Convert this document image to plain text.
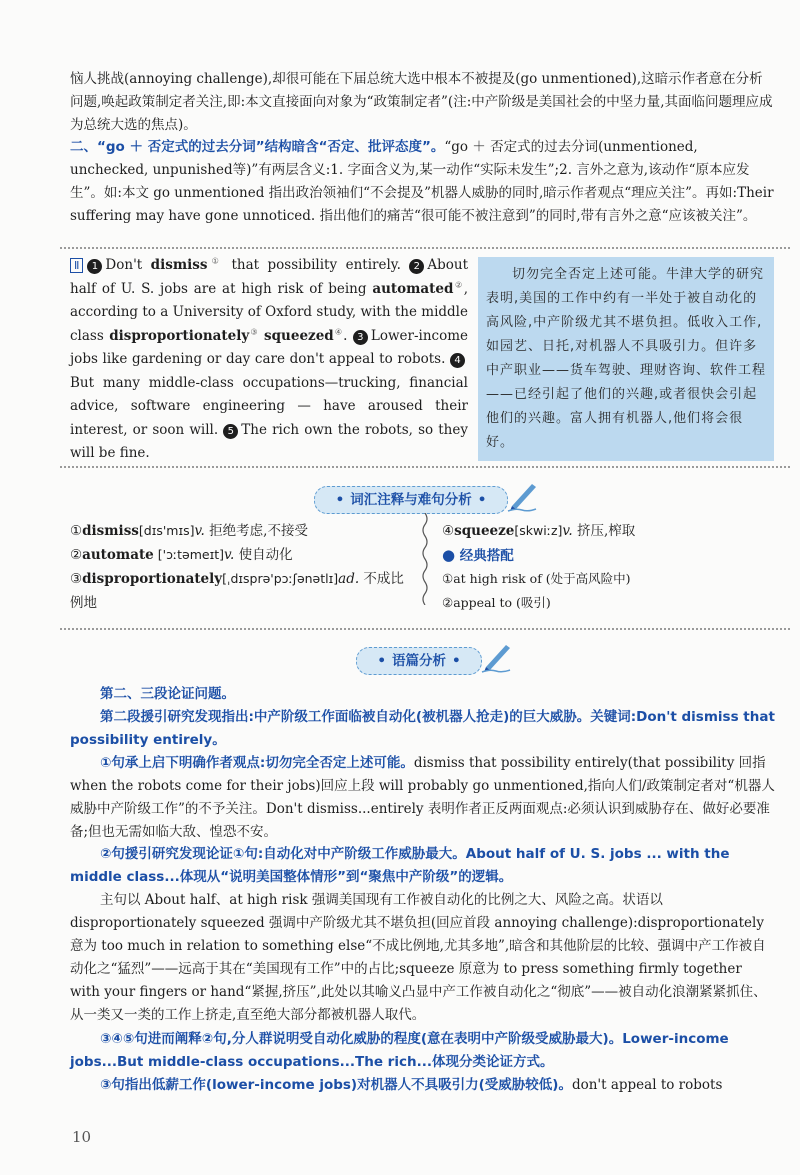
恼人挑战(annoying challenge),却很可能在下届总统大选中根本不被提及(go unmentioned),这暗示作者意在分析问题,唤起政策制定者关注,即:本文直接面向对象为“政策制定者”(注:中产阶级是美国社会的中坚力量,其面临问题理应成为总统大选的焦点)。
二、“go ＋ 否定式的过去分词”结构暗含“否定、批评态度”。“go ＋ 否定式的过去分词(unmentioned, unchecked, unpunished等)”有两层含义:1. 字面含义为,某一动作“实际未发生”;2. 言外之意为,该动作“原本应发生”。如:本文 go unmentioned 指出政治领袖们“不会提及”机器人威胁的同时,暗示作者观点“理应关注”。再如:Their suffering may have gone unnoticed. 指出他们的痛苦“很可能不被注意到”的同时,带有言外之意“应该被关注”。
Ⅱ 1 Don't dismiss① that possibility entirely. 2 About half of U. S. jobs are at high risk of being automated②, according to a University of Oxford study, with the middle class disproportionately③ squeezed④. 3 Lower-income jobs like gardening or day care don't appeal to robots. 4But many middle-class occupations—trucking, financial advice, software engineering — have aroused their interest, or soon will. 5 The rich own the robots, so they will be fine.
切勿完全否定上述可能。牛津大学的研究表明,美国的工作中约有一半处于被自动化的高风险,中产阶级尤其不堪负担。低收入工作,如园艺、日托,对机器人不具吸引力。但许多中产职业——货车驾驶、理财咨询、软件工程——已经引起了他们的兴趣,或者很快会引起他们的兴趣。富人拥有机器人,他们将会很好。
• 词汇注释与难句分析 •
①dismiss[dɪs'mɪs]v. 拒绝考虑,不接受
②automate ['ɔːtəmeɪt]v. 使自动化
③disproportionately[ˌdɪsprə'pɔːʃənətlɪ]ad. 不成比例地
④squeeze[skwiːz]v. 挤压,榨取
● 经典搭配
①at high risk of (处于高风险中)
②appeal to (吸引)
• 语篇分析 •
第二、三段论证问题。
第二段援引研究发现指出:中产阶级工作面临被自动化(被机器人抢走)的巨大威胁。关键词:Don't dismiss that possibility entirely。
①句承上启下明确作者观点:切勿完全否定上述可能。dismiss that possibility entirely(that possibility 回指 when the robots come for their jobs)回应上段 will probably go unmentioned,指向人们/政策制定者对“机器人威胁中产阶级工作”的不予关注。Don't dismiss...entirely 表明作者正反两面观点:必须认识到威胁存在、做好必要准备;但也无需如临大敌、惶恐不安。
②句援引研究发现论证①句:自动化对中产阶级工作威胁最大。About half of U. S. jobs ... with the middle class...体现从“说明美国整体情形”到“聚焦中产阶级”的逻辑。
主句以 About half、at high risk 强调美国现有工作被自动化的比例之大、风险之高。状语以 disproportionately squeezed 强调中产阶级尤其不堪负担(回应首段 annoying challenge):disproportionately 意为 too much in relation to something else“不成比例地,尤其多地”,暗含和其他阶层的比较、强调中产工作被自动化之“猛烈”——远高于其在“美国现有工作”中的占比;squeeze 原意为 to press something firmly together with your fingers or hand“紧握,挤压”,此处以其喻义凸显中产工作被自动化之“彻底”——被自动化浪潮紧紧抓住、从一类又一类的工作上挤走,直至绝大部分都被机器人取代。
③④⑤句进而阐释②句,分人群说明受自动化威胁的程度(意在表明中产阶级受威胁最大)。Lower-income jobs...But middle-class occupations...The rich...体现分类论证方式。
③句指出低薪工作(lower-income jobs)对机器人不具吸引力(受威胁较低)。don't appeal to robots
10
